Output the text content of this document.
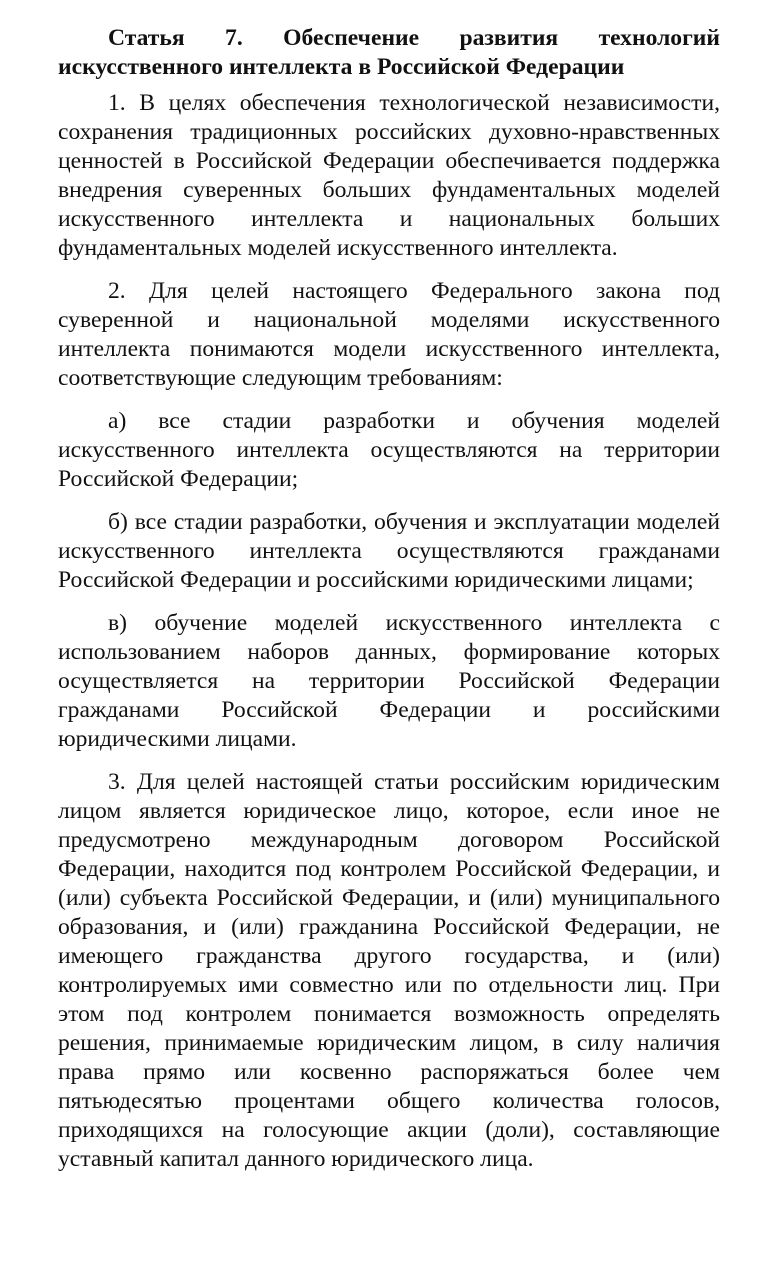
Статья 7. Обеспечение развития технологий искусственного интеллекта в Российской Федерации

1. В целях обеспечения технологической независимости, сохранения традиционных российских духовно-нравственных ценностей в Российской Федерации обеспечивается поддержка внедрения суверенных больших фундаментальных моделей искусственного интеллекта и национальных больших фундаментальных моделей искусственного интеллекта.

2. Для целей настоящего Федерального закона под суверенной и национальной моделями искусственного интеллекта понимаются модели искусственного интеллекта, соответствующие следующим требованиям:

а) все стадии разработки и обучения моделей искусственного интеллекта осуществляются на территории Российской Федерации;

б) все стадии разработки, обучения и эксплуатации моделей искусственного интеллекта осуществляются гражданами Российской Федерации и российскими юридическими лицами;

в) обучение моделей искусственного интеллекта с использованием наборов данных, формирование которых осуществляется на территории Российской Федерации гражданами Российской Федерации и российскими юридическими лицами.

3. Для целей настоящей статьи российским юридическим лицом является юридическое лицо, которое, если иное не предусмотрено международным договором Российской Федерации, находится под контролем Российской Федерации, и (или) субъекта Российской Федерации, и (или) муниципального образования, и (или) гражданина Российской Федерации, не имеющего гражданства другого государства, и (или) контролируемых ими совместно или по отдельности лиц. При этом под контролем понимается возможность определять решения, принимаемые юридическим лицом, в силу наличия права прямо или косвенно распоряжаться более чем пятьюдесятью процентами общего количества голосов, приходящихся на голосующие акции (доли), составляющие уставный капитал данного юридического лица.
